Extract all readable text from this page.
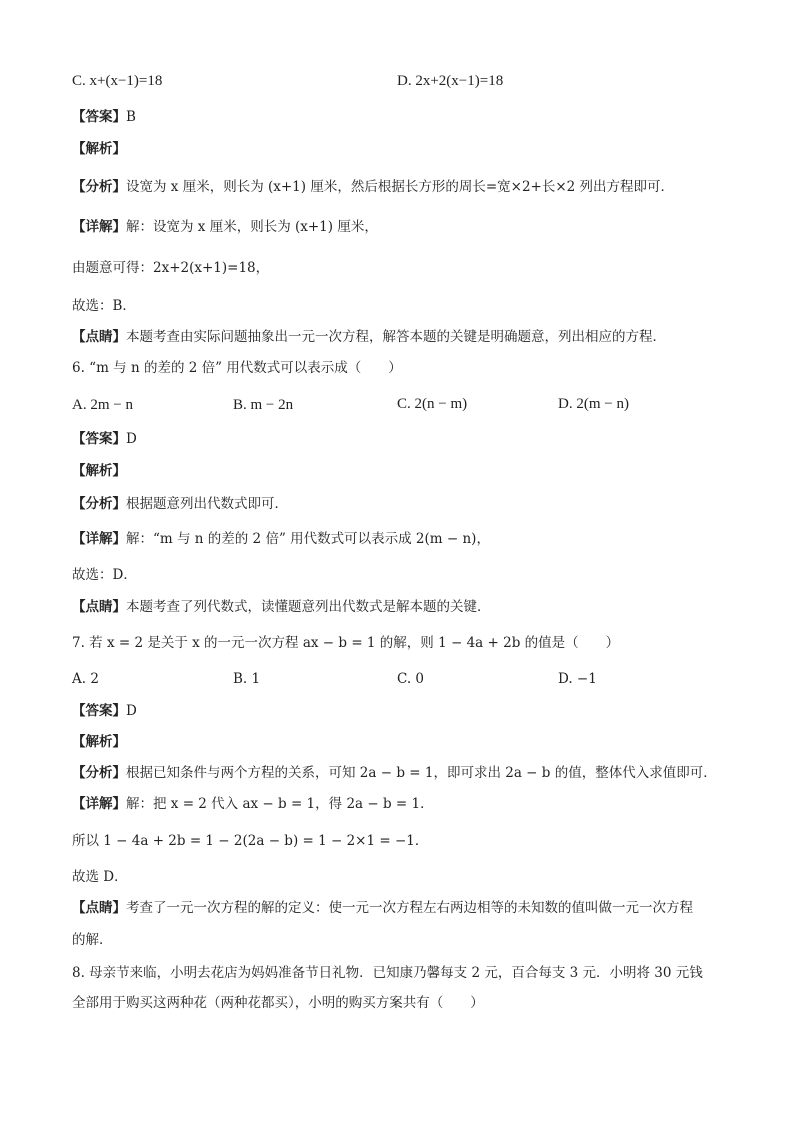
C. x+(x−1)=18	D. 2x+2(x−1)=18
【答案】B
【解析】
【分析】设宽为 x 厘米，则长为 (x+1) 厘米，然后根据长方形的周长=宽×2+长×2 列出方程即可．
【详解】解：设宽为 x 厘米，则长为 (x+1) 厘米，
由题意可得：2x+2(x+1)=18，
故选：B．
【点睛】本题考查由实际问题抽象出一元一次方程，解答本题的关键是明确题意，列出相应的方程．
6. “m 与 n 的差的 2 倍” 用代数式可以表示成（　　）
A. 2m − n	B. m − 2n	C. 2(n − m)	D. 2(m − n)
【答案】D
【解析】
【分析】根据题意列出代数式即可．
【详解】解：“m 与 n 的差的 2 倍” 用代数式可以表示成 2(m − n)，
故选：D．
【点睛】本题考查了列代数式，读懂题意列出代数式是解本题的关键．
7. 若 x = 2 是关于 x 的一元一次方程 ax − b = 1 的解，则 1 − 4a + 2b 的值是（　　）
A. 2	B. 1	C. 0	D. −1
【答案】D
【解析】
【分析】根据已知条件与两个方程的关系，可知 2a − b = 1，即可求出 2a − b 的值，整体代入求值即可．
【详解】解：把 x = 2 代入 ax − b = 1，得 2a − b = 1．
所以 1 − 4a + 2b = 1 − 2(2a − b) = 1 − 2×1 = −1．
故选 D．
【点睛】考查了一元一次方程的解的定义：使一元一次方程左右两边相等的未知数的值叫做一元一次方程
的解．
8. 母亲节来临，小明去花店为妈妈准备节日礼物．已知康乃馨每支 2 元，百合每支 3 元．小明将 30 元钱
全部用于购买这两种花（两种花都买），小明的购买方案共有（　　）
